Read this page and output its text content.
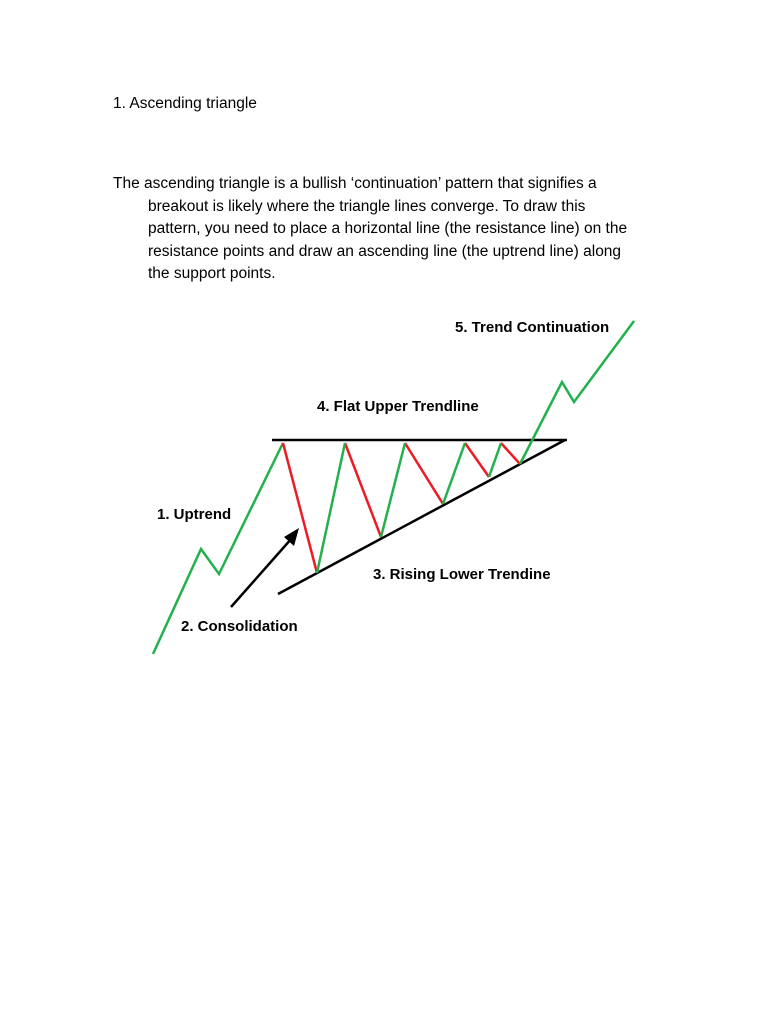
1. Ascending triangle

The ascending triangle is a bullish ‘continuation’ pattern that signifies a
breakout is likely where the triangle lines converge. To draw this
pattern, you need to place a horizontal line (the resistance line) on the
resistance points and draw an ascending line (the uptrend line) along
the support points.

1. Uptrend
2. Consolidation
3. Rising Lower Trendine
4. Flat Upper Trendline
5. Trend Continuation
